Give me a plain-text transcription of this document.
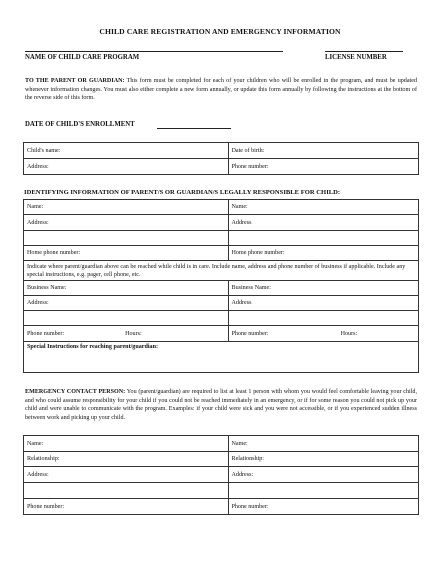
CHILD CARE REGISTRATION AND EMERGENCY INFORMATION
NAME OF CHILD CARE PROGRAM	LICENSE NUMBER
TO THE PARENT OR GUARDIAN: This form must be completed for each of your children who will be enrolled in the program, and must be updated whenever information changes. You must also either complete a new form annually, or update this form annually by following the instructions at the bottom of the reverse side of this form.
DATE OF CHILD'S ENROLLMENT
Child's name:	Date of birth:
Address:	Phone number:
IDENTIFYING INFORMATION OF PARENT/S OR GUARDIAN/S LEGALLY RESPONSIBLE FOR CHILD:
Name:	Name:
Address:	Address

Home phone number:	Home phone number:
Indicate where parent/guardian above can be reached while child is in care. Include name, address and phone number of business if applicable. Include any special instructions, e.g. pager, cell phone, etc.	
Business Name:	Business Name:
Address:	Address

Phone number: Hours:	Phone number: Hours:
Special Instructions for reaching parent/guardian:	
EMERGENCY CONTACT PERSON: You (parent/guardian) are required to list at least 1 person with whom you would feel comfortable leaving your child, and who could assume responsibility for your child if you could not be reached immediately in an emergency, or if for some reason you could not pick up your child and were unable to communicate with the program. Examples: if your child were sick and you were not accessible, or if you experienced sudden illness between work and picking up your child.
Name:	Name:
Relationship:	Relationship:
Address:	Address:

Phone number:	Phone number:
